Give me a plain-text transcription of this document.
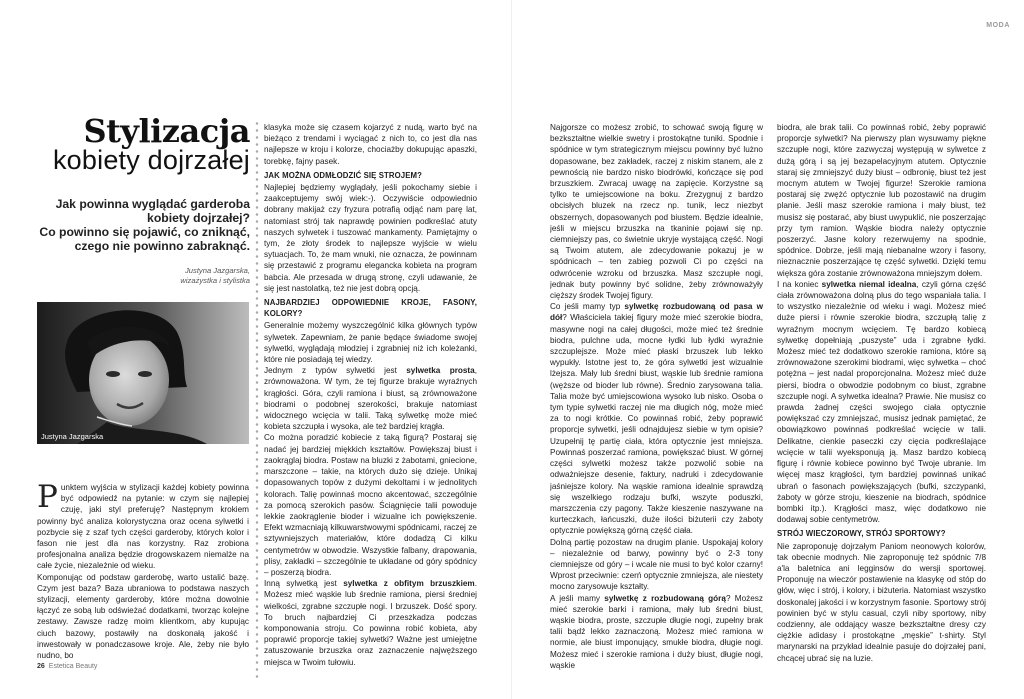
Stylizacja
kobiety dojrzałej

Jak powinna wyglądać garderoba

kobiety dojrzałej?

Co powinno się pojawić, co zniknąć,

czego nie powinno zabraknąć.

Justyna Jazgarska,

wizażystka i stylistka

Justyna Jazgarska
P unktem wyjścia w stylizacji każdej kobiety powinna być odpowiedź na pytanie: w czym się najlepiej czuję, jaki styl preferuję? Następnym krokiem powinny być analiza kolorystyczna oraz ocena sylwetki i pozbycie się z szaf tych części garderoby, których kolor i fason nie jest dla nas korzystny. Raz zrobiona profesjonalna analiza będzie drogowskazem niemalże na całe życie, niezależnie od wieku.

Komponując od podstaw garderobę, warto ustalić bazę. Czym jest baza? Baza ubraniowa to podstawa naszych stylizacji, elementy garderoby, które można dowolnie łączyć ze sobą lub odświeżać dodatkami, tworząc kolejne zestawy. Zawsze radzę moim klientkom, aby kupując ciuch bazowy, postawiły na doskonałą jakość i inwestowały w ponadczasowe kroje. Ale, żeby nie było nudno, bo

klasyka może się czasem kojarzyć z nudą, warto być na bieżąco z trendami i wyciągać z nich to, co jest dla nas najlepsze w kroju i kolorze, chociażby dokupując apaszki, torebkę, fajny pasek.

JAK MOŻNA ODMŁODZIĆ SIĘ STROJEM?

Najlepiej będziemy wyglądały, jeśli pokochamy siebie i zaakceptujemy swój wiek:-). Oczywiście odpowiednio dobrany makijaż czy fryzura potrafią odjąć nam parę lat, natomiast strój tak naprawdę powinien podkreślać atuty naszych sylwetek i tuszować mankamenty. Pamiętajmy o tym, że złoty środek to najlepsze wyjście w wielu sytuacjach. To, że mam wnuki, nie oznacza, że powinnam się przestawić z programu elegancka kobieta na program babcia. Ale przesada w drugą stronę, czyli udawanie, że się jest nastolatką, też nie jest dobrą opcją.

NAJBARDZIEJ ODPOWIEDNIE KROJE, FASONY, KOLORY?

Generalnie możemy wyszczególnić kilka głównych typów sylwetek. Zapewniam, że panie będące świadome swojej sylwetki, wyglądają młodziej i zgrabniej niż ich koleżanki, które nie posiadają tej wiedzy.

Jednym z typów sylwetki jest sylwetka prosta, zrównoważona. W tym, że tej figurze brakuje wyraźnych krągłości. Góra, czyli ramiona i biust, są zrównoważone biodrami o podobnej szerokości, brakuje natomiast widocznego wcięcia w talii. Taką sylwetkę może mieć kobieta szczupła i wysoka, ale też bardziej krągła.

Co można poradzić kobiecie z taką figurą? Postaraj się nadać jej bardziej miękkich kształtów. Powiększaj biust i zaokrąglaj biodra. Postaw na bluzki z żabotami, gniecione, marszczone – takie, na których dużo się dzieje. Unikaj dopasowanych topów z dużymi dekoltami i w jednolitych kolorach. Talię powinnaś mocno akcentować, szczególnie za pomocą szerokich pasów. Ściągnięcie talii powoduje lekkie zaokrąglenie bioder i wizualne ich powiększenie. Efekt wzmacniają kilkuwarstwowymi spódnicami, raczej ze sztywniejszych materiałów, które dodadzą Ci kilku centymetrów w obwodzie. Wszystkie falbany, drapowania, plisy, zakładki – szczególnie te układane od góry spódnicy – poszerzą biodra.

Inną sylwetką jest sylwetka z obfitym brzuszkiem. Możesz mieć wąskie lub średnie ramiona, piersi średniej wielkości, zgrabne szczupłe nogi. I brzuszek. Dość spory. To bruch najbardziej Ci przeszkadza podczas komponowania stroju. Co powinna robić kobieta, aby poprawić proporcje takiej sylwetki? Ważne jest umiejętne zatuszowanie brzuszka oraz zaznaczenie najwęższego miejsca w Twoim tułowiu.

26 Estetica Beauty
MODA

Najgorsze co możesz zrobić, to schować swoją figurę w bezkształtne wielkie swetry i prostokątne tuniki. Spodnie i spódnice w tym strategicznym miejscu powinny być lużno dopasowane, bez zakładek, raczej z niskim stanem, ale z pewnością nie bardzo nisko biodrówki, kończące się pod brzuszkiem. Zwracaj uwagę na zapięcie. Korzystne są tylko te umiejscowione na boku. Zrezygnuj z bardzo obcisłych bluzek na rzecz np. tunik, lecz niezbyt obszernych, dopasowanych pod biustem. Będzie idealnie, jeśli w miejscu brzuszka na tkaninie pojawi się np. ciemniejszy pas, co świetnie ukryje wystającą część. Nogi są Twoim atutem, ale zdecydowanie pokazuj je w spódnicach – ten zabieg pozwoli Ci po części na odwrócenie wzroku od brzuszka. Masz szczupłe nogi, jednak buty powinny być solidne, żeby zrównoważyły cięższy środek Twojej figury.

Co jeśli mamy typ sylwetkę rozbudowaną od pasa w dół? Właściciela takiej figury może mieć szerokie biodra, masywne nogi na całej długości, może mieć też średnie biodra, pulchne uda, mocne łydki lub łydki wyraźnie szczuplejsze. Może mieć płaski brzuszek lub lekko wypukły. Istotne jest to, że góra sylwetki jest wizualnie lżejsza. Mały lub średni biust, wąskie lub średnie ramiona (węższe od bioder lub równe). Średnio zarysowana talia. Talia może być umiejscowiona wysoko lub nisko. Osoba o tym typie sylwetki raczej nie ma długich nóg, może mieć za to nogi krótkie. Co powinnaś robić, żeby poprawić proporcje sylwetki, jeśli odnajdujesz siebie w tym opisie? Uzupełnij tę partię ciała, która optycznie jest mniejsza. Powinnaś poszerzać ramiona, powiększać biust. W górnej części sylwetki możesz także pozwolić sobie na odważniejsze desenie, faktury, nadruki i zdecydowanie jaśniejsze kolory. Na wąskie ramiona idealnie sprawdzą się wszelkiego rodzaju bufki, wszyte poduszki, marszczenia czy pagony. Także kieszenie naszywane na kurteczkach, łańcuszki, duże ilości biżuterii czy żaboty optycznie powiększą górną część ciała.

Dolną partię pozostaw na drugim planie. Uspokajaj kolory – niezależnie od barwy, powinny być o 2-3 tony ciemniejsze od góry – i wcale nie musi to być kolor czarny! Wprost przeciwnie: czerń optycznie zmniejsza, ale niestety mocno zarysowuje kształty.

A jeśli mamy sylwetkę z rozbudowaną górą? Możesz mieć szerokie barki i ramiona, mały lub średni biust, wąskie biodra, proste, szczupłe długie nogi, zupełny brak talii bądź lekko zaznaczoną. Możesz mieć ramiona w normie, ale biust imponujący, smukłe biodra, długie nogi. Możesz mieć i szerokie ramiona i duży biust, długie nogi, wąskie

biodra, ale brak talii. Co powinnaś robić, żeby poprawić proporcje sylwetki? Na pierwszy plan wysuwamy piękne szczupłe nogi, które zazwyczaj występują w sylwetce z dużą górą i są jej bezapelacyjnym atutem. Optycznie staraj się zmniejszyć duży biust – odbronię, biust też jest mocnym atutem w Twojej figurze! Szerokie ramiona postaraj się zwężć optycznie lub pozostawić na drugim planie. Jeśli masz szerokie ramiona i mały biust, też musisz się postarać, aby biust uwypuklić, nie poszerzając przy tym ramion. Wąskie biodra należy optycznie poszerzyć. Jasne kolory rezerwujemy na spodnie, spódnice. Dobrze, jeśli mają niebanalne wzory i fasony, nieznacznie poszerzające tę część sylwetki. Dzięki temu większa góra zostanie zrównoważona mniejszym dołem.

I na koniec sylwetka niemal idealna, czyli górna część ciała zrównoważona dolną plus do tego wspaniała talia. I to wszystko niezależnie od wieku i wagi. Możesz mieć duże piersi i równie szerokie biodra, szczupłą talię z wyraźnym mocnym wcięciem. Tę bardzo kobiecą sylwetkę dopełniają „puszyste” uda i zgrabne łydki. Możesz mieć też dodatkowo szerokie ramiona, które są zrównoważone szerokimi biodrami, więc sylwetka – choć potężna – jest nadal proporcjonalna. Możesz mieć duże piersi, biodra o obwodzie podobnym co biust, zgrabne szczupłe nogi. A sylwetka idealna? Prawie. Nie musisz co prawda żadnej części swojego ciała optycznie powiększać czy zmniejszać, musisz jednak pamiętać, że obowiązkowo powinnaś podkreślać wcięcie w talii. Delikatne, cienkie paseczki czy cięcia podkreślające wcięcie w talii wyeksponują ją. Masz bardzo kobiecą figurę i równie kobiece powinno być Twoje ubranie. Im więcej masz krągłości, tym bardziej powinnaś unikać ubrań o fasonach powiększających (bufki, szczypanki, żaboty w górze stroju, kieszenie na biodrach, spódnice bombki itp.). Krągłości masz, więc dodatkowo nie dodawaj sobie centymetrów.

STRÓJ WIECZOROWY, STRÓJ SPORTOWY?

Nie zaproponuję dojrzałym Paniom neonowych kolorów, tak obecnie modnych. Nie zaproponuję też spódnic 7/8 a'la baletnica ani legginsów do wersji sportowej. Proponuję na wieczór postawienie na klasykę od stóp do głów, więc i strój, i kolory, i biżuteria. Natomiast wszystko doskonalej jakości i w korzystnym fasonie. Sportowy strój powinien być w stylu casual, czyli niby sportowy, niby codzienny, ale oddający wasze bezkształtne dresy czy ciężkie adidasy i prostokątne „męskie” t-shirty. Styl marynarski na przykład idealnie pasuje do dojrzałej pani, chcącej ubrać się na luzie.
